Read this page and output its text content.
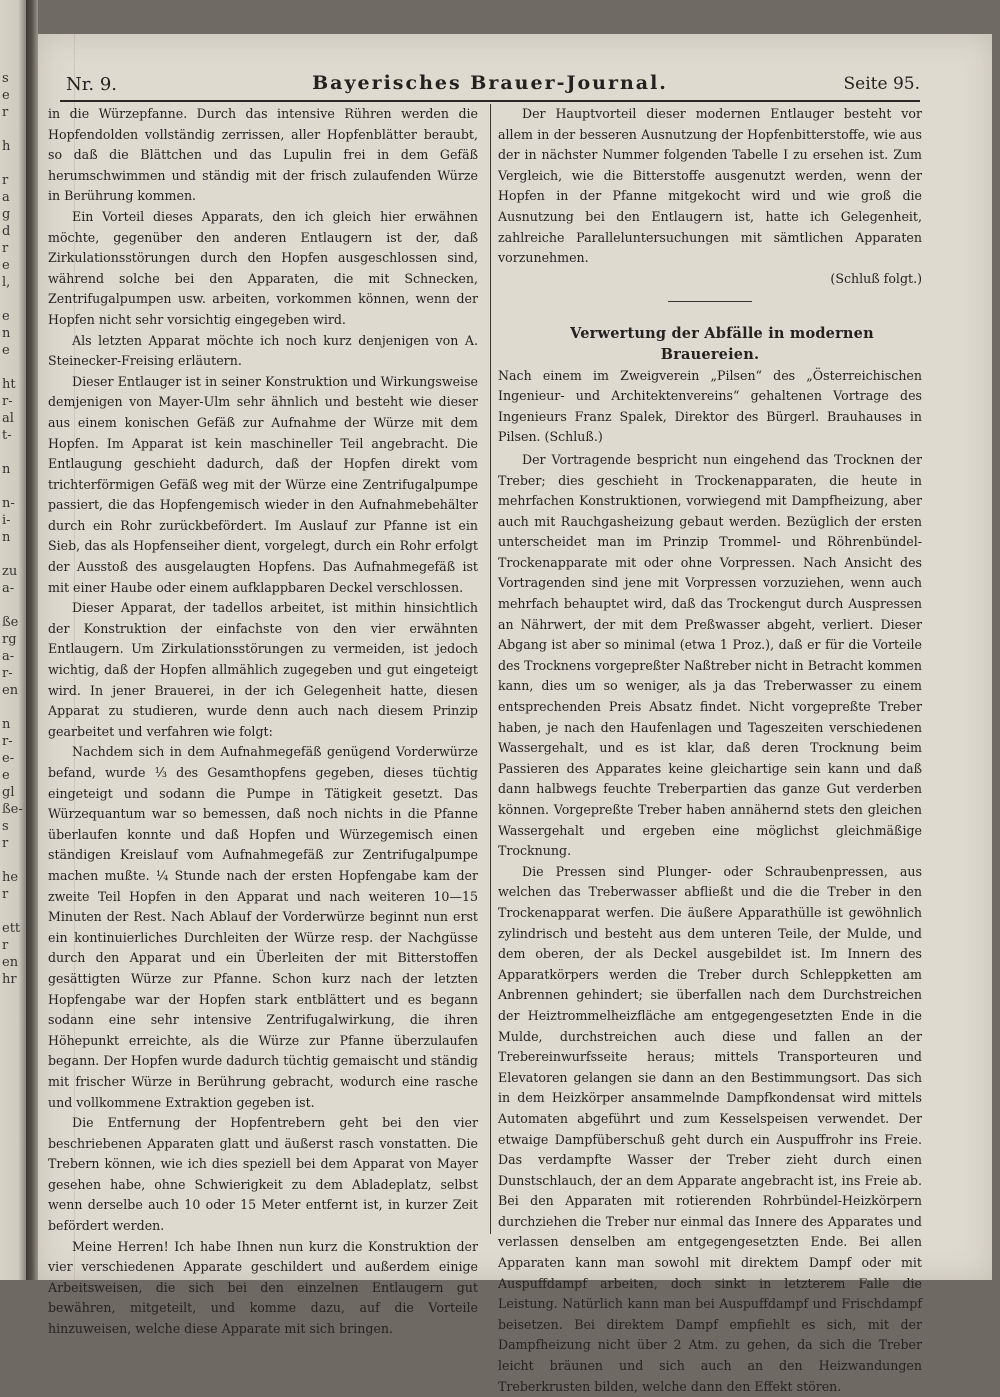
s
e
r

h

r
a
g
d
r
e
l,

e
n
e

ht
r-
al
t-

n

n-
i-
n

zu
a-

ße
rg
a-
r-
en

n
r-
e-
e
gl
ße-
s
r

he
r

ett
r
en
hr
Nr. 9.	Bayerisches Brauer-Journal.	Seite 95.

in die Würzepfanne. Durch das intensive Rühren werden die Hopfendolden vollständig zerrissen, aller Hopfenblätter beraubt, so daß die Blättchen und das Lupulin frei in dem Gefäß herumschwimmen und ständig mit der frisch zulaufenden Würze in Berührung kommen.

Ein Vorteil dieses Apparats, den ich gleich hier erwähnen möchte, gegenüber den anderen Entlaugern ist der, daß Zirkulationsstörungen durch den Hopfen ausgeschlossen sind, während solche bei den Apparaten, die mit Schnecken, Zentrifugalpumpen usw. arbeiten, vorkommen können, wenn der Hopfen nicht sehr vorsichtig eingegeben wird.

Als letzten Apparat möchte ich noch kurz denjenigen von A. Steinecker-Freising erläutern.

Dieser Entlauger ist in seiner Konstruktion und Wirkungsweise demjenigen von Mayer-Ulm sehr ähnlich und besteht wie dieser aus einem konischen Gefäß zur Aufnahme der Würze mit dem Hopfen. Im Apparat ist kein maschineller Teil angebracht. Die Entlaugung geschieht dadurch, daß der Hopfen direkt vom trichterförmigen Gefäß weg mit der Würze eine Zentrifugalpumpe passiert, die das Hopfengemisch wieder in den Aufnahmebehälter durch ein Rohr zurückbefördert. Im Auslauf zur Pfanne ist ein Sieb, das als Hopfenseiher dient, vorgelegt, durch ein Rohr erfolgt der Ausstoß des ausgelaugten Hopfens. Das Aufnahmegefäß ist mit einer Haube oder einem aufklappbaren Deckel verschlossen.

Dieser Apparat, der tadellos arbeitet, ist mithin hinsichtlich der Konstruktion der einfachste von den vier erwähnten Entlaugern. Um Zirkulationsstörungen zu vermeiden, ist jedoch wichtig, daß der Hopfen allmählich zugegeben und gut eingeteigt wird. In jener Brauerei, in der ich Gelegenheit hatte, diesen Apparat zu studieren, wurde denn auch nach diesem Prinzip gearbeitet und verfahren wie folgt:

Nachdem sich in dem Aufnahmegefäß genügend Vorderwürze befand, wurde ⅓ des Gesamthopfens gegeben, dieses tüchtig eingeteigt und sodann die Pumpe in Tätigkeit gesetzt. Das Würzequantum war so bemessen, daß noch nichts in die Pfanne überlaufen konnte und daß Hopfen und Würzegemisch einen ständigen Kreislauf vom Aufnahmegefäß zur Zentrifugalpumpe machen mußte. ¼ Stunde nach der ersten Hopfengabe kam der zweite Teil Hopfen in den Apparat und nach weiteren 10—15 Minuten der Rest. Nach Ablauf der Vorderwürze beginnt nun erst ein kontinuierliches Durchleiten der Würze resp. der Nachgüsse durch den Apparat und ein Überleiten der mit Bitterstoffen gesättigten Würze zur Pfanne. Schon kurz nach der letzten Hopfengabe war der Hopfen stark entblättert und es begann sodann eine sehr intensive Zentrifugalwirkung, die ihren Höhepunkt erreichte, als die Würze zur Pfanne überzulaufen begann. Der Hopfen wurde dadurch tüchtig gemaischt und ständig mit frischer Würze in Berührung gebracht, wodurch eine rasche und vollkommene Extraktion gegeben ist.

Die Entfernung der Hopfentrebern geht bei den vier beschriebenen Apparaten glatt und äußerst rasch vonstatten. Die Trebern können, wie ich dies speziell bei dem Apparat von Mayer gesehen habe, ohne Schwierigkeit zu dem Abladeplatz, selbst wenn derselbe auch 10 oder 15 Meter entfernt ist, in kurzer Zeit befördert werden.

Meine Herren! Ich habe Ihnen nun kurz die Konstruktion der vier verschiedenen Apparate geschildert und außerdem einige Arbeitsweisen, die sich bei den einzelnen Entlaugern gut bewähren, mitgeteilt, und komme dazu, auf die Vorteile hinzuweisen, welche diese Apparate mit sich bringen.

Der Hauptvorteil dieser modernen Entlauger besteht vor allem in der besseren Ausnutzung der Hopfenbitterstoffe, wie aus der in nächster Nummer folgenden Tabelle I zu ersehen ist. Zum Vergleich, wie die Bitterstoffe ausgenutzt werden, wenn der Hopfen in der Pfanne mitgekocht wird und wie groß die Ausnutzung bei den Entlaugern ist, hatte ich Gelegenheit, zahlreiche Paralleluntersuchungen mit sämtlichen Apparaten vorzunehmen.

(Schluß folgt.)

Verwertung der Abfälle in modernen Brauereien.

Nach einem im Zweigverein „Pilsen“ des „Österreichischen Ingenieur- und Architektenvereins“ gehaltenen Vortrage des Ingenieurs Franz Spalek, Direktor des Bürgerl. Brauhauses in Pilsen. (Schluß.)

Der Vortragende bespricht nun eingehend das Trocknen der Treber; dies geschieht in Trockenapparaten, die heute in mehrfachen Konstruktionen, vorwiegend mit Dampfheizung, aber auch mit Rauchgasheizung gebaut werden. Bezüglich der ersten unterscheidet man im Prinzip Trommel- und Röhrenbündel-Trockenapparate mit oder ohne Vorpressen. Nach Ansicht des Vortragenden sind jene mit Vorpressen vorzuziehen, wenn auch mehrfach behauptet wird, daß das Trockengut durch Auspressen an Nährwert, der mit dem Preßwasser abgeht, verliert. Dieser Abgang ist aber so minimal (etwa 1 Proz.), daß er für die Vorteile des Trocknens vorgepreßter Naßtreber nicht in Betracht kommen kann, dies um so weniger, als ja das Treberwasser zu einem entsprechenden Preis Absatz findet. Nicht vorgepreßte Treber haben, je nach den Haufenlagen und Tageszeiten verschiedenen Wassergehalt, und es ist klar, daß deren Trocknung beim Passieren des Apparates keine gleichartige sein kann und daß dann halbwegs feuchte Treberpartien das ganze Gut verderben können. Vorgepreßte Treber haben annähernd stets den gleichen Wassergehalt und ergeben eine möglichst gleichmäßige Trocknung.

Die Pressen sind Plunger- oder Schraubenpressen, aus welchen das Treberwasser abfließt und die die Treber in den Trockenapparat werfen. Die äußere Apparathülle ist gewöhnlich zylindrisch und besteht aus dem unteren Teile, der Mulde, und dem oberen, der als Deckel ausgebildet ist. Im Innern des Apparatkörpers werden die Treber durch Schleppketten am Anbrennen gehindert; sie überfallen nach dem Durchstreichen der Heiztrommelheizfläche am entgegengesetzten Ende in die Mulde, durchstreichen auch diese und fallen an der Trebereinwurfsseite heraus; mittels Transporteuren und Elevatoren gelangen sie dann an den Bestimmungsort. Das sich in dem Heizkörper ansammelnde Dampfkondensat wird mittels Automaten abgeführt und zum Kesselspeisen verwendet. Der etwaige Dampfüberschuß geht durch ein Auspuffrohr ins Freie. Das verdampfte Wasser der Treber zieht durch einen Dunstschlauch, der an dem Apparate angebracht ist, ins Freie ab. Bei den Apparaten mit rotierenden Rohrbündel-Heizkörpern durchziehen die Treber nur einmal das Innere des Apparates und verlassen denselben am entgegengesetzten Ende. Bei allen Apparaten kann man sowohl mit direktem Dampf oder mit Auspuffdampf arbeiten, doch sinkt in letzterem Falle die Leistung. Natürlich kann man bei Auspuffdampf und Frischdampf beisetzen. Bei direktem Dampf empfiehlt es sich, mit der Dampfheizung nicht über 2 Atm. zu gehen, da sich die Treber leicht bräunen und sich auch an den Heizwandungen Treberkrusten bilden, welche dann den Effekt stören.
